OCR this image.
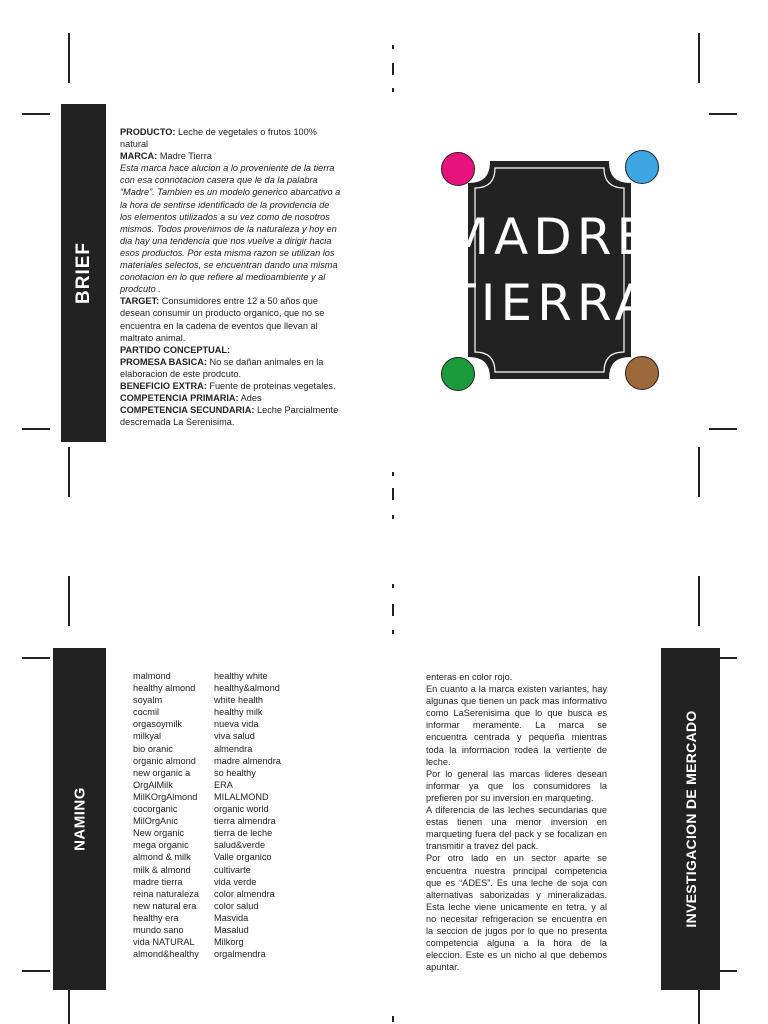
BRIEF
PRODUCTO: Leche de vegetales o frutos 100% natural
MARCA: Madre Tierra
Esta marca hace alucion a lo proveniente de la tierra con esa connotacion casera que le da la palabra “Madre”. Tambien es un modelo generico abarcativo a la hora de sentirse identificado de la providencia de los elementos utilizados a su vez como de nosotros mismos. Todos provenimos de la naturaleza y hoy en dia hay una tendencia que nos vuelve a dirigir hacia esos productos. Por esta misma razon se utilizan los materiales selectos, se encuentran dando una misma conotacion en lo que refiere al medioambiente y al prodcuto .
TARGET: Consumidores entre 12 a 50 años que desean consumir un producto organico, que no se encuentra en la cadena de eventos que llevan al maltrato animal.
PARTIDO CONCEPTUAL:
PROMESA BASICA: No se dañan animales en la elaboracion de este prodcuto.
BENEFICIO EXTRA: Fuente de proteinas vegetales.
COMPETENCIA PRIMARIA: Ades
COMPETENCIA SECUNDARIA: Leche Parcialmente descremada La Serenisima.
MADRE
TIERRA
NAMING
malmond
healthy almond
soyalm
cocmil
orgasoymilk
milkyal
bio oranic
organic almond
new organic a
OrgAlMilk
MilKOrgAlmond
cocorganic
MilOrgAnic
New organic
mega organic
almond & milk
milk & almond
madre tierra
reina naturaleza
new natural era
healthy era
mundo sano
vida NATURAL
almond&healthy
healthy white
healthy&almond
white health
healthy milk
nueva vida
viva salud
almendra
madre almendra
so healthy
ERA
MILALMOND
organic world
tierra almendra
tierra de leche
salud&verde
Valle organico
cultivarte
vida verde
color almendra
color salud
Masvida
Masalud
Milkorg
orgalmendra
INVESTIGACION DE MERCADO

enteras en color rojo.

En cuanto a la marca existen variantes, hay algunas que tienen un pack mas informativo como LaSerenisima que lo que busca es informar meramente. La marca se encuentra centrada y pequeña mientras toda la informacion rodea la vertiente de leche.

Por lo general las marcas lideres desean informar ya que los consumidores la prefieren por su inversion en marqueting.

A diferencia de las leches secundarias que estas tienen una menor inversion en marqueting fuera del pack y se focalizan en transmitir a travez del pack.

Por otro lado en un sector aparte se encuentra nuestra principal competencia que es “ADES”. Es una leche de soja con alternativas saborizadas y mineralizadas. Esta leche viene unicamente en tetra, y al no necesitar refrigeracion se encuentra en la seccion de jugos por lo que no presenta competencia alguna a la hora de la eleccion. Este es un nicho al que debemos apuntar.
